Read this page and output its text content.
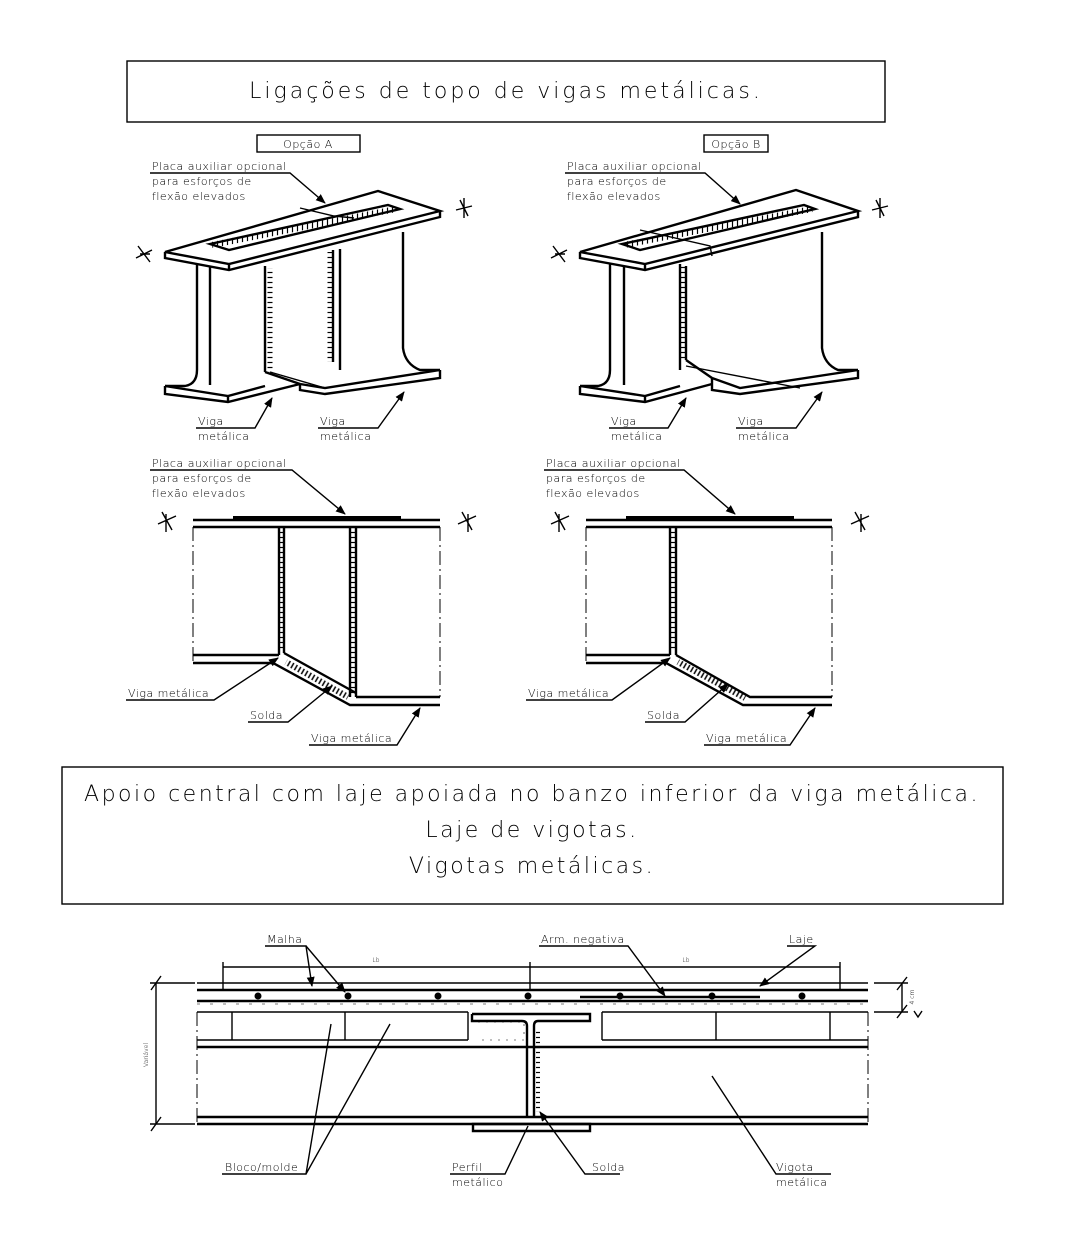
Ligações de topo de vigas metálicas.
Opção A
Placa auxiliar opcional
para esforços de
flexão elevados
Viga
metálica
Viga
metálica
Opção B
Placa auxiliar opcional
para esforços de
flexão elevados
Viga
metálica
Viga
metálica
Placa auxiliar opcional
para esforços de
flexão elevados
Viga metálica
Solda
Viga metálica
Placa auxiliar opcional
para esforços de
flexão elevados
Viga metálica
Solda
Viga metálica
Apoio central com laje apoiada no banzo inferior da viga metálica.
Laje de vigotas.
Vigotas metálicas.
Malha	Arm. negativa	Laje
Lb	Lb
Variável
4 cm
Bloco/molde	Perfil
metálico
Solda	Vigota
metálica
